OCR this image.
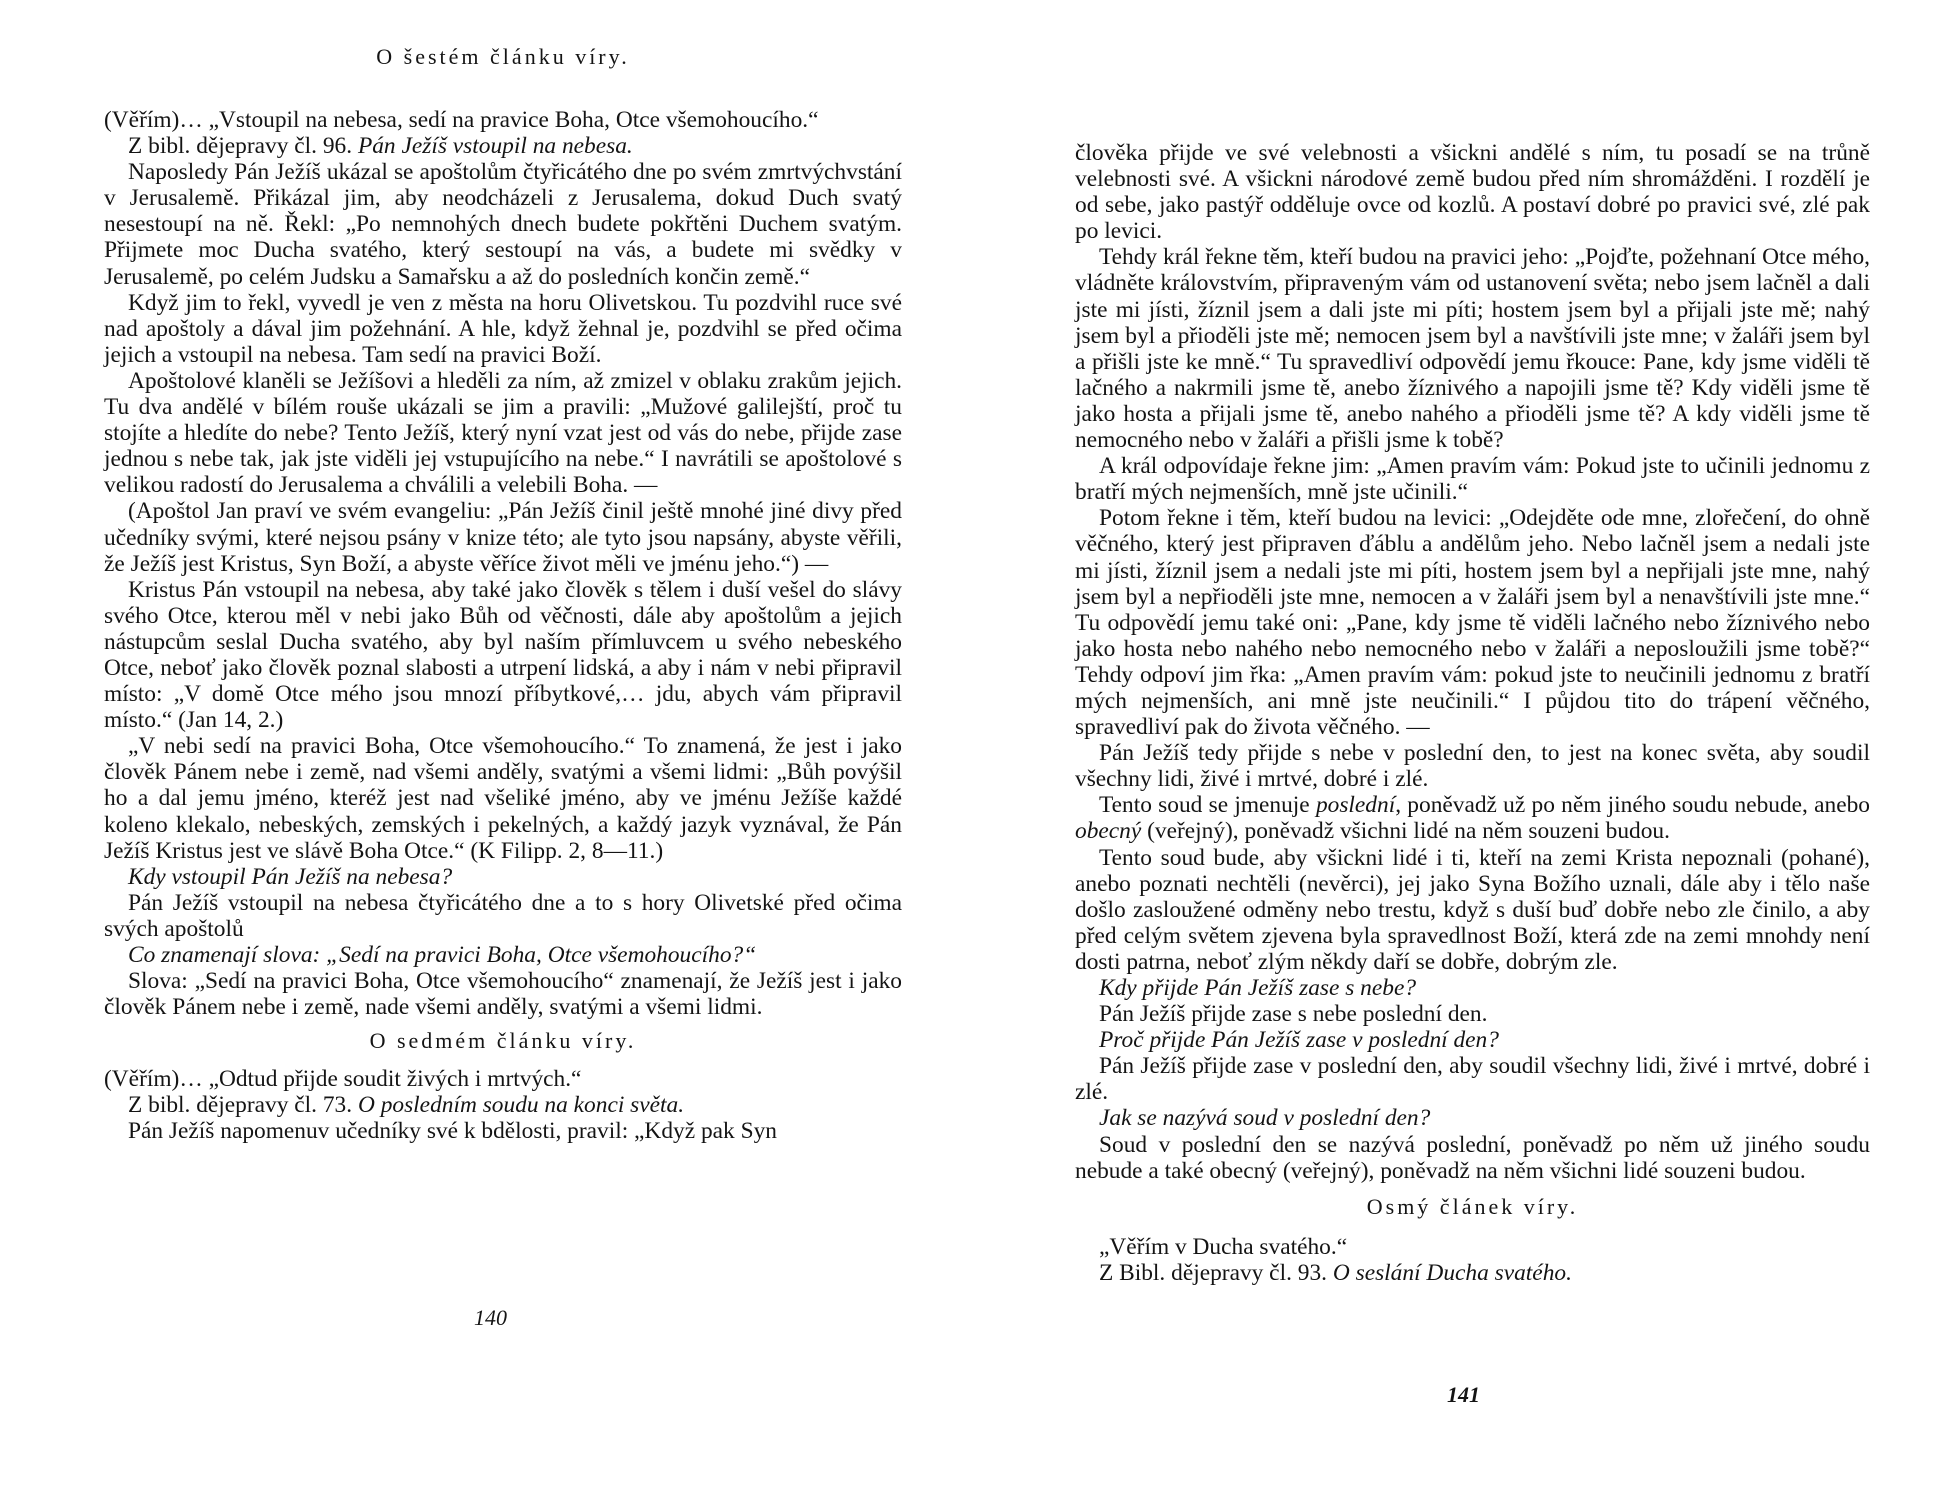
O šestém článku víry.

(Věřím)… „Vstoupil na nebesa, sedí na pravice Boha, Otce všemohoucího.“

Z bibl. dějepravy čl. 96. Pán Ježíš vstoupil na nebesa.

Naposledy Pán Ježíš ukázal se apoštolům čtyřicátého dne po svém zmrtvýchvstání v Jerusalemě. Přikázal jim, aby neodcházeli z Jerusalema, dokud Duch svatý nesestoupí na ně. Řekl: „Po nemnohých dnech budete pokřtěni Duchem svatým. Přijmete moc Ducha svatého, který sestoupí na vás, a budete mi svědky v Jerusalemě, po celém Judsku a Samařsku a až do posledních končin země.“

Když jim to řekl, vyvedl je ven z města na horu Olivetskou. Tu pozdvihl ruce své nad apoštoly a dával jim požehnání. A hle, když žehnal je, pozdvihl se před očima jejich a vstoupil na nebesa. Tam sedí na pravici Boží.

Apoštolové klaněli se Ježíšovi a hleděli za ním, až zmizel v oblaku zrakům jejich. Tu dva andělé v bílém rouše ukázali se jim a pravili: „Mužové galilejští, proč tu stojíte a hledíte do nebe? Tento Ježíš, který nyní vzat jest od vás do nebe, přijde zase jednou s nebe tak, jak jste viděli jej vstupujícího na nebe.“ I navrátili se apoštolové s velikou radostí do Jerusalema a chválili a velebili Boha. —

(Apoštol Jan praví ve svém evangeliu: „Pán Ježíš činil ještě mnohé jiné divy před učedníky svými, které nejsou psány v knize této; ale tyto jsou napsány, abyste věřili, že Ježíš jest Kristus, Syn Boží, a abyste věříce život měli ve jménu jeho.“) —

Kristus Pán vstoupil na nebesa, aby také jako člověk s tělem i duší vešel do slávy svého Otce, kterou měl v nebi jako Bůh od věčnosti, dále aby apoštolům a jejich nástupcům seslal Ducha svatého, aby byl naším přímluvcem u svého nebeského Otce, neboť jako člověk poznal slabosti a utrpení lidská, a aby i nám v nebi připravil místo: „V domě Otce mého jsou mnozí příbytkové,… jdu, abych vám připravil místo.“ (Jan 14, 2.)

„V nebi sedí na pravici Boha, Otce všemohoucího.“ To znamená, že jest i jako člověk Pánem nebe i země, nad všemi anděly, svatými a všemi lidmi: „Bůh povýšil ho a dal jemu jméno, kteréž jest nad všeliké jméno, aby ve jménu Ježíše každé koleno klekalo, nebeských, zemských i pekelných, a každý jazyk vyznával, že Pán Ježíš Kristus jest ve slávě Boha Otce.“ (K Filipp. 2, 8—11.)

Kdy vstoupil Pán Ježíš na nebesa?

Pán Ježíš vstoupil na nebesa čtyřicátého dne a to s hory Olivetské před očima svých apoštolů

Co znamenají slova: „Sedí na pravici Boha, Otce všemohoucího?“

Slova: „Sedí na pravici Boha, Otce všemohoucího“ znamenají, že Ježíš jest i jako člověk Pánem nebe i země, nade všemi anděly, svatými a všemi lidmi.

O sedmém článku víry.

(Věřím)… „Odtud přijde soudit živých i mrtvých.“

Z bibl. dějepravy čl. 73. O posledním soudu na konci světa.

Pán Ježíš napomenuv učedníky své k bdělosti, pravil: „Když pak Syn

140

člověka přijde ve své velebnosti a všickni andělé s ním, tu posadí se na trůně velebnosti své. A všickni národové země budou před ním shromážděni. I rozdělí je od sebe, jako pastýř odděluje ovce od kozlů. A postaví dobré po pravici své, zlé pak po levici.

Tehdy král řekne těm, kteří budou na pravici jeho: „Pojďte, požehnaní Otce mého, vládněte královstvím, připraveným vám od ustanovení světa; nebo jsem lačněl a dali jste mi jísti, žíznil jsem a dali jste mi píti; hostem jsem byl a přijali jste mě; nahý jsem byl a přioděli jste mě; nemocen jsem byl a navštívili jste mne; v žaláři jsem byl a přišli jste ke mně.“ Tu spravedliví odpovědí jemu řkouce: Pane, kdy jsme viděli tě lačného a nakrmili jsme tě, anebo žíznivého a napojili jsme tě? Kdy viděli jsme tě jako hosta a přijali jsme tě, anebo nahého a přioděli jsme tě? A kdy viděli jsme tě nemocného nebo v žaláři a přišli jsme k tobě?

A král odpovídaje řekne jim: „Amen pravím vám: Pokud jste to učinili jednomu z bratří mých nejmenších, mně jste učinili.“

Potom řekne i těm, kteří budou na levici: „Odejděte ode mne, zlořečení, do ohně věčného, který jest připraven ďáblu a andělům jeho. Nebo lačněl jsem a nedali jste mi jísti, žíznil jsem a nedali jste mi píti, hostem jsem byl a nepřijali jste mne, nahý jsem byl a nepřioděli jste mne, nemocen a v žaláři jsem byl a nenavštívili jste mne.“ Tu odpovědí jemu také oni: „Pane, kdy jsme tě viděli lačného nebo žíznivého nebo jako hosta nebo nahého nebo nemocného nebo v žaláři a neposloužili jsme tobě?“ Tehdy odpoví jim řka: „Amen pravím vám: pokud jste to neučinili jednomu z bratří mých nejmenších, ani mně jste neučinili.“ I půjdou tito do trápení věčného, spravedliví pak do života věčného. —

Pán Ježíš tedy přijde s nebe v poslední den, to jest na konec světa, aby soudil všechny lidi, živé i mrtvé, dobré i zlé.

Tento soud se jmenuje poslední, poněvadž už po něm jiného soudu nebude, anebo obecný (veřejný), poněvadž všichni lidé na něm souzeni budou.

Tento soud bude, aby všickni lidé i ti, kteří na zemi Krista nepoznali (pohané), anebo poznati nechtěli (nevěrci), jej jako Syna Božího uznali, dále aby i tělo naše došlo zasloužené odměny nebo trestu, když s duší buď dobře nebo zle činilo, a aby před celým světem zjevena byla spravedlnost Boží, která zde na zemi mnohdy není dosti patrna, neboť zlým někdy daří se dobře, dobrým zle.

Kdy přijde Pán Ježíš zase s nebe?

Pán Ježíš přijde zase s nebe poslední den.

Proč přijde Pán Ježíš zase v poslední den?

Pán Ježíš přijde zase v poslední den, aby soudil všechny lidi, živé i mrtvé, dobré i zlé.

Jak se nazývá soud v poslední den?

Soud v poslední den se nazývá poslední, poněvadž po něm už jiného soudu nebude a také obecný (veřejný), poněvadž na něm všichni lidé souzeni budou.

Osmý článek víry.

„Věřím v Ducha svatého.“

Z Bibl. dějepravy čl. 93. O seslání Ducha svatého.

141
